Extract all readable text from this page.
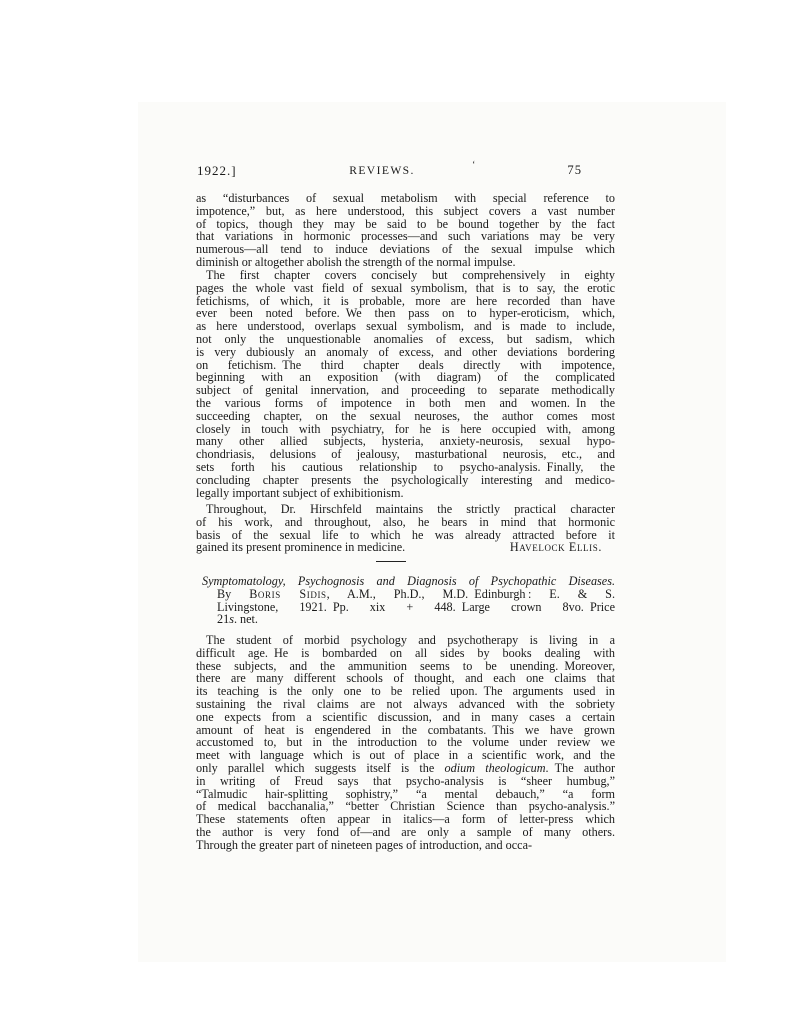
1922.]	REVIEWS.	‘	75
as “disturbances of sexual metabolism with special reference to
impotence,” but, as here understood, this subject covers a vast number
of topics, though they may be said to be bound together by the fact
that variations in hormonic processes—and such variations may be very
numerous—all tend to induce deviations of the sexual impulse which
diminish or altogether abolish the strength of the normal impulse.
The first chapter covers concisely but comprehensively in eighty
pages the whole vast field of sexual symbolism, that is to say, the erotic
fetichisms, of which, it is probable, more are here recorded than have
ever been noted before. We then pass on to hyper-eroticism, which,
as here understood, overlaps sexual symbolism, and is made to include,
not only the unquestionable anomalies of excess, but sadism, which
is very dubiously an anomaly of excess, and other deviations bordering
on fetichism. The third chapter deals directly with impotence,
beginning with an exposition (with diagram) of the complicated
subject of genital innervation, and proceeding to separate methodically
the various forms of impotence in both men and women. In the
succeeding chapter, on the sexual neuroses, the author comes most
closely in touch with psychiatry, for he is here occupied with, among
many other allied subjects, hysteria, anxiety-neurosis, sexual hypo-
chondriasis, delusions of jealousy, masturbational neurosis, etc., and
sets forth his cautious relationship to psycho-analysis. Finally, the
concluding chapter presents the psychologically interesting and medico-
legally important subject of exhibitionism.
Throughout, Dr. Hirschfeld maintains the strictly practical character
of his work, and throughout, also, he bears in mind that hormonic
basis of the sexual life to which he was already attracted before it
gained its present prominence in medicine.	Havelock Ellis.
Symptomatology, Psychognosis and Diagnosis of Psychopathic Diseases.
By Boris Sidis, A.M., Ph.D., M.D. Edinburgh : E. & S.
Livingstone, 1921. Pp. xix + 448. Large crown 8vo. Price
21s. net.
The student of morbid psychology and psychotherapy is living in a
difficult age. He is bombarded on all sides by books dealing with
these subjects, and the ammunition seems to be unending. Moreover,
there are many different schools of thought, and each one claims that
its teaching is the only one to be relied upon. The arguments used in
sustaining the rival claims are not always advanced with the sobriety
one expects from a scientific discussion, and in many cases a certain
amount of heat is engendered in the combatants. This we have grown
accustomed to, but in the introduction to the volume under review we
meet with language which is out of place in a scientific work, and the
only parallel which suggests itself is the odium theologicum. The author
in writing of Freud says that psycho-analysis is “sheer humbug,”
“Talmudic hair-splitting sophistry,” “a mental debauch,” “a form
of medical bacchanalia,” “better Christian Science than psycho-analysis.”
These statements often appear in italics—a form of letter-press which
the author is very fond of—and are only a sample of many others.
Through the greater part of nineteen pages of introduction, and occa-
